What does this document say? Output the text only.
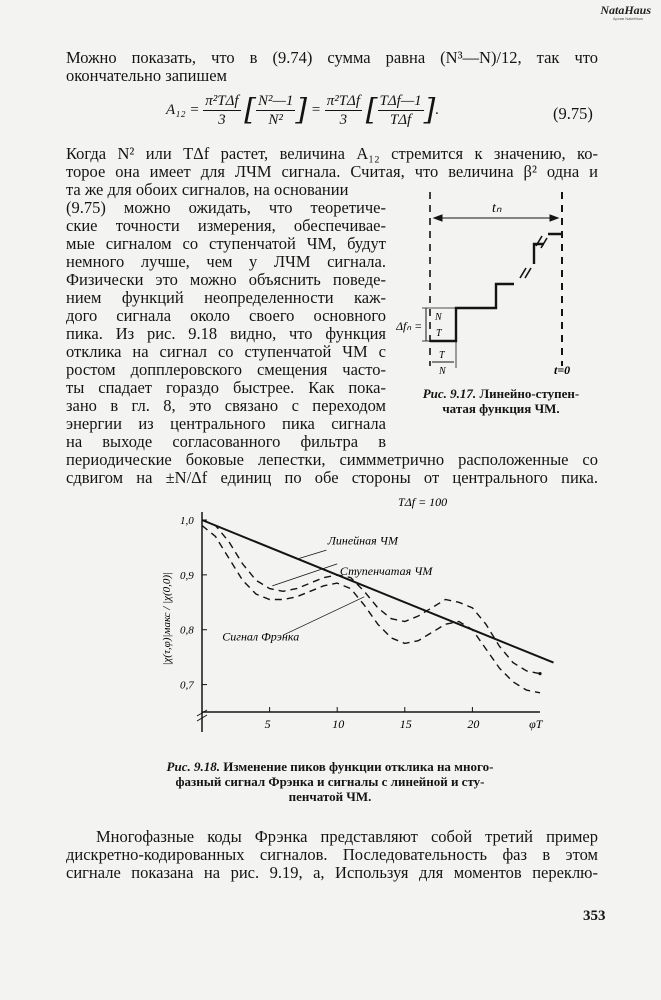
NataHaus
Архив NataHaus
Можно показать, что в (9.74) сумма равна (N³—N)/12, так что
окончательно запишем
$A_{12} = \frac{\text{π²TΔf}}{3}$ [ $\frac{\text{N²—1}}{\text{N²}}$ ] = $\frac{\text{π²TΔf}}{3}$ [ $\frac{\text{TΔf—1}}{\text{TΔf}}$ ].	(9.75)
Когда N² или TΔf растет, величина A₁₂ стремится к значению, ко-
торое она имеет для ЛЧМ сигнала. Считая, что величина β² одна и
та же для обоих сигналов, на основании
(9.75) можно ожидать, что теоретиче-
ские точности измерения, обеспечивае-
мые сигналом со ступенчатой ЧМ, будут
немного лучше, чем у ЛЧМ сигнала.
Физически это можно объяснить поведе-
нием функций неопределенности каж-
дого сигнала около своего основного
пика. Из рис. 9.18 видно, что функция
отклика на сигнал со ступенчатой ЧМ с
ростом допплеровского смещения часто-
ты спадает гораздо быстрее. Как пока-
зано в гл. 8, это связано с переходом
энергии из центрального пика сигнала
на выходе согласованного фильтра в
периодические боковые лепестки, симмметрично расположенные со
сдвигом на ±N/Δf единиц по обе стороны от центрального пика.
tₙ
Δfₙ =
N
T
T
N	t=0
Рис. 9.17. Линейно-ступен-
чатая функция ЧМ.
5	10	15	20	φT
1,0
0,9
0,8
0,7
|χ(τ,φ)|макс / |χ(0,0)|
TΔf = 100
Линейная ЧМ
Ступенчатая ЧМ
Сигнал Фрэнка
Рис. 9.18. Изменение пиков функции отклика на много-
фазный сигнал Фрэнка и сигналы с линейной и сту-
пенчатой ЧМ.
Многофазные коды Фрэнка представляют собой третий пример
дискретно-кодированных сигналов. Последовательность фаз в этом
сигнале показана на рис. 9.19, а, Используя для моментов переклю-
353
